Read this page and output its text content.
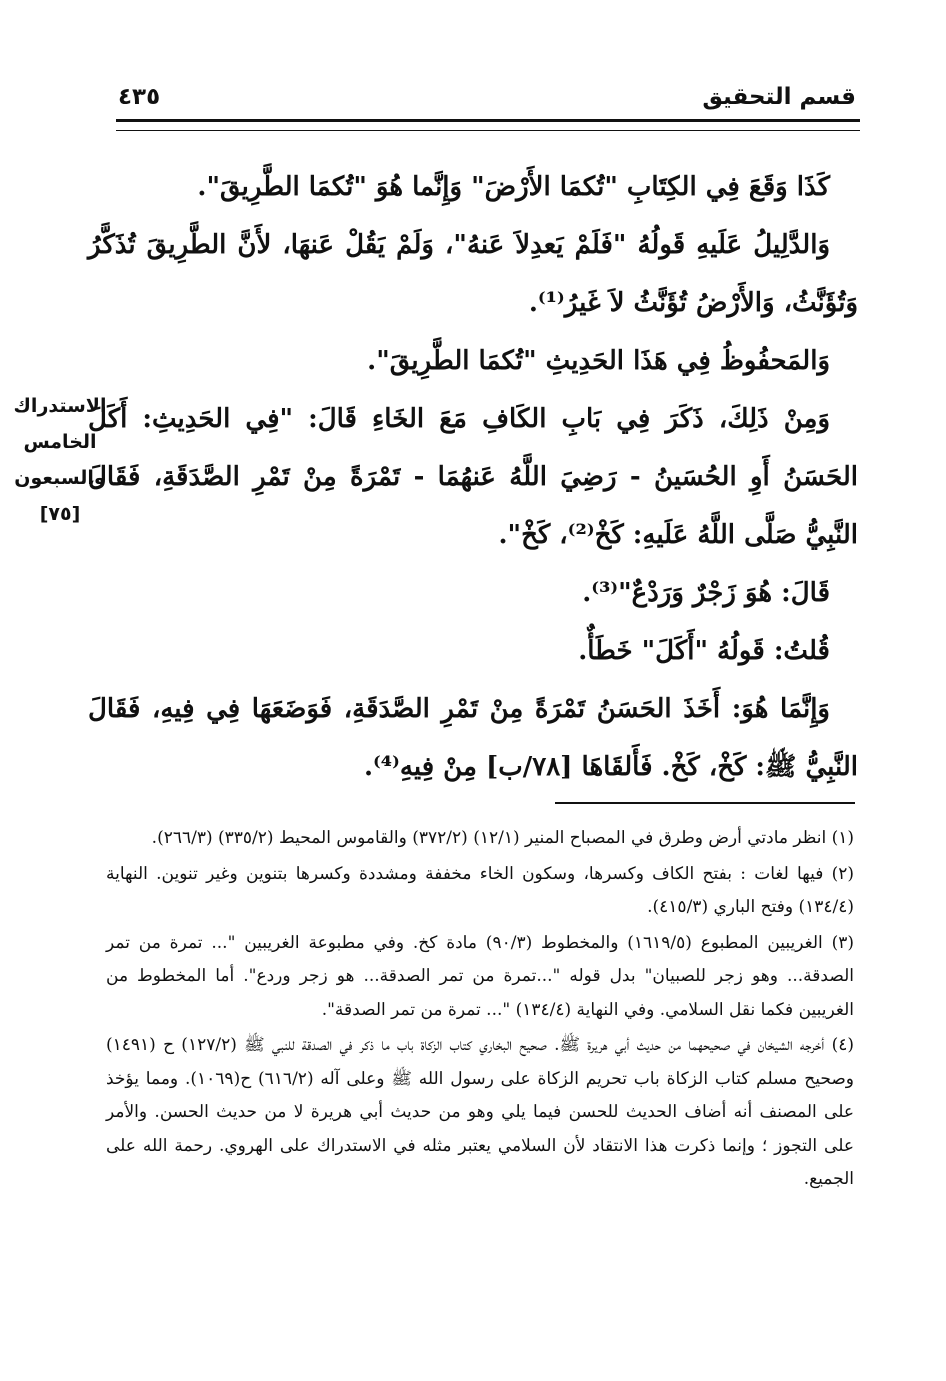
قسم التحقيق
٤٣٥

كَذَا وَقَعَ فِي الكِتَابِ "تُكمَا الأَرْضَ" وَإِنَّما هُوَ "تُكمَا الطَّرِيقَ".

وَالدَّلِيلُ عَلَيهِ قَولُهُ "فَلَمْ يَعدِلاَ عَنهُ"، وَلَمْ يَقُلْ عَنهَا، لأَنَّ الطَّرِيقَ تُذَكَّرُ وَتُؤَنَّثُ، وَالأَرْضُ تُؤَنَّثُ لاَ غَيرُ⁽¹⁾.

وَالمَحفُوظُ فِي هَذَا الحَدِيثِ "تُكمَا الطَّرِيقَ".

وَمِنْ ذَلِكَ، ذَكَرَ فِي بَابِ الكَافِ مَعَ الخَاءِ قَالَ: "فِي الحَدِيثِ: أَكَلَ الحَسَنُ أَوِ الحُسَينُ - رَضِيَ اللَّهُ عَنهُمَا - تَمْرَةً مِنْ تَمْرِ الصَّدَقَةِ، فَقَالَ النَّبِيُّ صَلَّى اللَّهُ عَلَيهِ: كَخْ⁽²⁾، كَخْ".

قَالَ: هُوَ زَجْرٌ وَرَدْعٌ"⁽³⁾.

قُلتُ: قَولُهُ "أَكَلَ" خَطَأٌ.

وَإِنَّمَا هُوَ: أَخَذَ الحَسَنُ تَمْرَةً مِنْ تَمْرِ الصَّدَقَةِ، فَوَضَعَهَا فِي فِيهِ، فَقَالَ النَّبِيُّ ﷺ: كَخْ، كَخْ. فَأَلقَاهَا [٧٨/ب] مِنْ فِيهِ⁽⁴⁾.

الاستدراك
الخامس
والسبعون
[٧٥]

(١) انظر مادتي أرض وطرق في المصباح المنير (١٢/١) (٣٧٢/٢) والقاموس المحيط (٣٣٥/٢) (٢٦٦/٣).

(٢) فيها لغات : بفتح الكاف وكسرها، وسكون الخاء مخففة ومشددة وكسرها بتنوين وغير تنوين. النهاية (١٣٤/٤) وفتح الباري (٤١٥/٣).

(٣) الغريبين المطبوع (١٦١٩/٥) والمخطوط (٩٠/٣) مادة كخ. وفي مطبوعة الغريبين "... تمرة من تمر الصدقة... وهو زجر للصبيان" بدل قوله "...تمرة من تمر الصدقة... هو زجر وردع". أما المخطوط من الغريبين فكما نقل السلامي. وفي النهاية (١٣٤/٤) "... تمرة من تمر الصدقة".

(٤) أخرجه الشيخان في صحيحهما من حديث أبي هريرة ﷺ. صحيح البخاري كتاب الزكاة باب ما ذكر في الصدقة للنبي ﷺ (١٢٧/٢) ح (١٤٩١) وصحيح مسلم كتاب الزكاة باب تحريم الزكاة على رسول الله ﷺ وعلى آله (٦١٦/٢) ح(١٠٦٩). ومما يؤخذ على المصنف أنه أضاف الحديث للحسن فيما يلي وهو من حديث أبي هريرة لا من حديث الحسن. والأمر على التجوز ؛ وإنما ذكرت هذا الانتقاد لأن السلامي يعتبر مثله في الاستدراك على الهروي. رحمة الله على الجميع.
